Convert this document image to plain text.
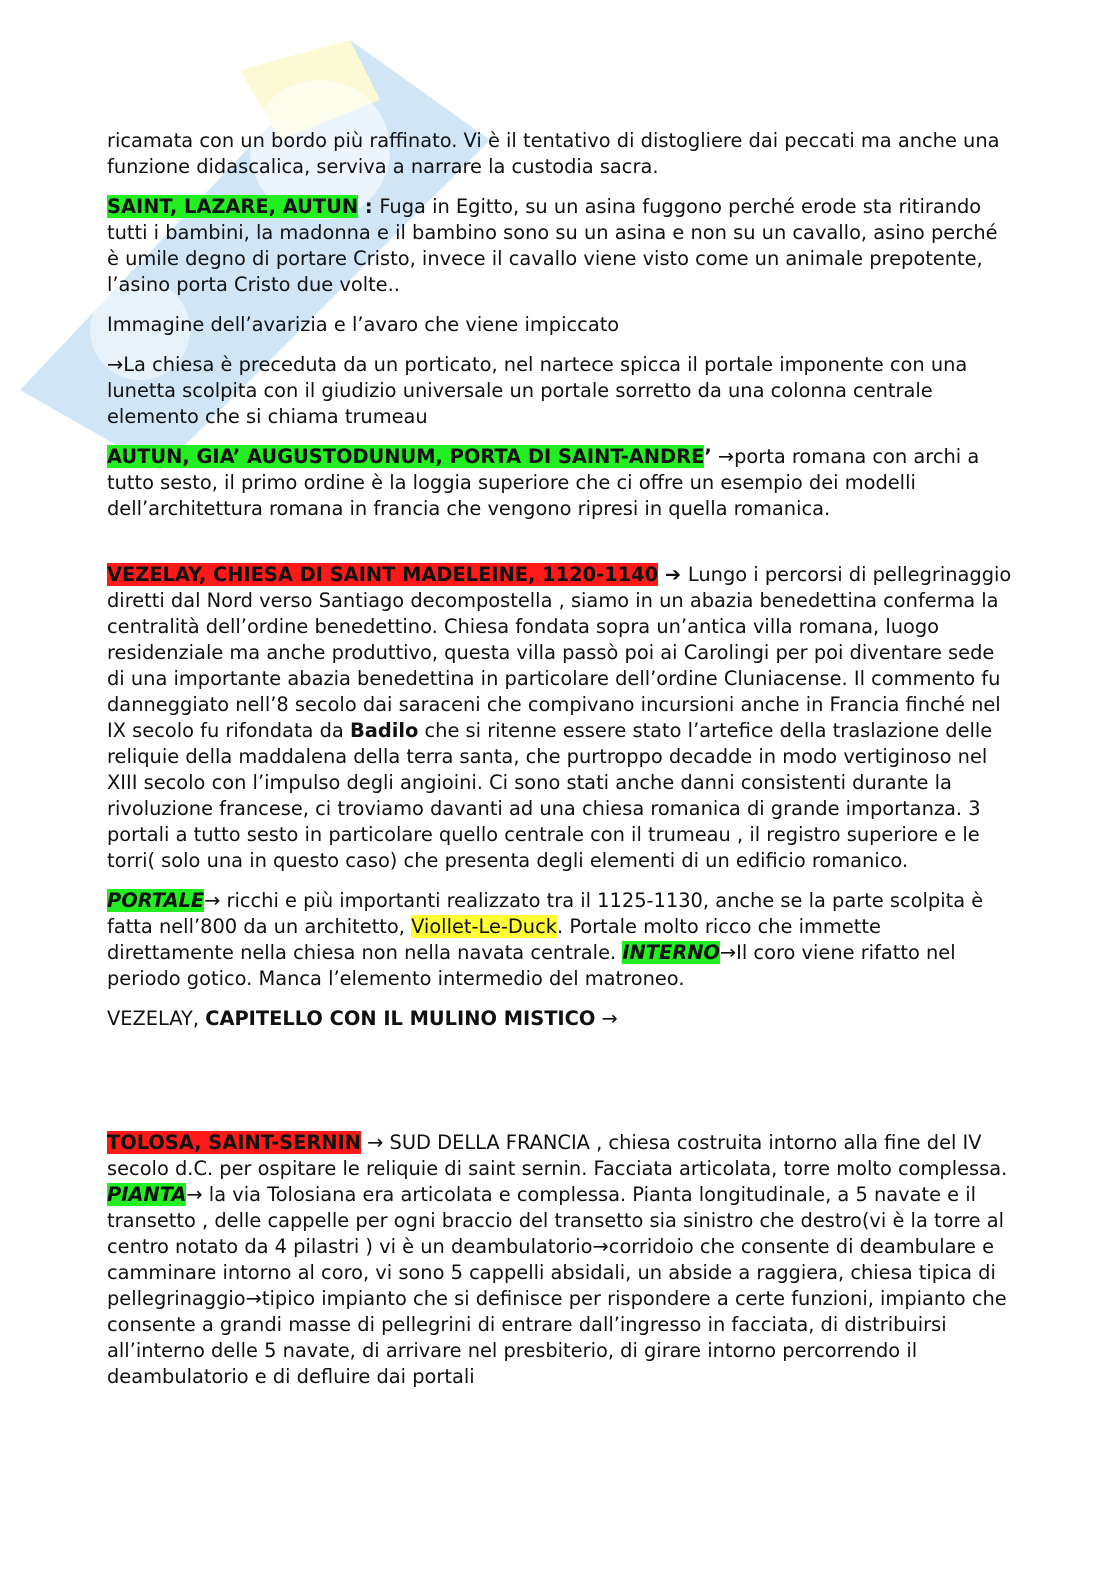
ricamata con un bordo più raffinato. Vi è il tentativo di distogliere dai peccati ma anche una funzione didascalica, serviva a narrare la custodia sacra.

SAINT, LAZARE, AUTUN : Fuga in Egitto, su un asina fuggono perché erode sta ritirando tutti i bambini, la madonna e il bambino sono su un asina e non su un cavallo, asino perché è umile degno di portare Cristo, invece il cavallo viene visto come un animale prepotente, l’asino porta Cristo due volte..

Immagine dell’avarizia e l’avaro che viene impiccato

→La chiesa è preceduta da un porticato, nel nartece spicca il portale imponente con una lunetta scolpita con il giudizio universale un portale sorretto da una colonna centrale elemento che si chiama trumeau

AUTUN, GIA’ AUGUSTODUNUM, PORTA DI SAINT-ANDRE’ →porta romana con archi a tutto sesto, il primo ordine è la loggia superiore che ci offre un esempio dei modelli dell’architettura romana in francia che vengono ripresi in quella romanica.

VEZELAY, CHIESA DI SAINT MADELEINE, 1120-1140 ➔ Lungo i percorsi di pellegrinaggio diretti dal Nord verso Santiago decompostella , siamo in un abazia benedettina conferma la centralità dell’ordine benedettino. Chiesa fondata sopra un’antica villa romana, luogo residenziale ma anche produttivo, questa villa passò poi ai Carolingi per poi diventare sede di una importante abazia benedettina in particolare dell’ordine Cluniacense. Il commento fu danneggiato nell’8 secolo dai saraceni che compivano incursioni anche in Francia finché nel IX secolo fu rifondata da Badilo che si ritenne essere stato l’artefice della traslazione delle reliquie della maddalena della terra santa, che purtroppo decadde in modo vertiginoso nel XIII secolo con l’impulso degli angioini. Ci sono stati anche danni consistenti durante la rivoluzione francese, ci troviamo davanti ad una chiesa romanica di grande importanza. 3 portali a tutto sesto in particolare quello centrale con il trumeau , il registro superiore e le torri( solo una in questo caso) che presenta degli elementi di un edificio romanico.

PORTALE→ ricchi e più importanti realizzato tra il 1125-1130, anche se la parte scolpita è fatta nell’800 da un architetto, Viollet-Le-Duck. Portale molto ricco che immette direttamente nella chiesa non nella navata centrale. INTERNO→Il coro viene rifatto nel periodo gotico. Manca l’elemento intermedio del matroneo.

VEZELAY, CAPITELLO CON IL MULINO MISTICO →

TOLOSA, SAINT-SERNIN → SUD DELLA FRANCIA , chiesa costruita intorno alla fine del IV secolo d.C. per ospitare le reliquie di saint sernin. Facciata articolata, torre molto complessa. PIANTA→ la via Tolosiana era articolata e complessa. Pianta longitudinale, a 5 navate e il transetto , delle cappelle per ogni braccio del transetto sia sinistro che destro(vi è la torre al centro notato da 4 pilastri ) vi è un deambulatorio→corridoio che consente di deambulare e camminare intorno al coro, vi sono 5 cappelli absidali, un abside a raggiera, chiesa tipica di pellegrinaggio→tipico impianto che si definisce per rispondere a certe funzioni, impianto che consente a grandi masse di pellegrini di entrare dall’ingresso in facciata, di distribuirsi all’interno delle 5 navate, di arrivare nel presbiterio, di girare intorno percorrendo il deambulatorio e di defluire dai portali
